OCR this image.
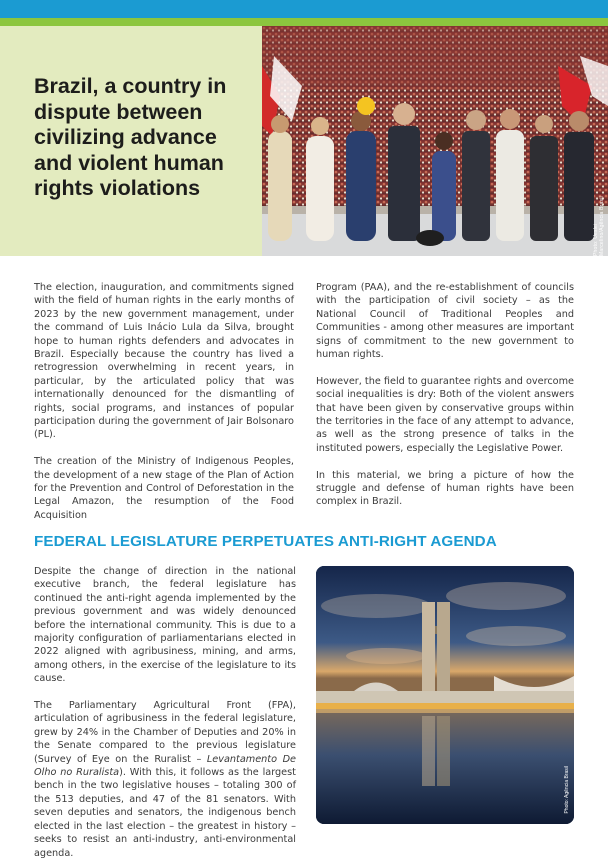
Brazil, a country in dispute between civilizing advance and violent human rights violations
Photo: Ueslei Marcelino/Agência Brasil

The election, inauguration, and commitments signed with the field of human rights in the early months of 2023 by the new government management, under the command of Luis Inácio Lula da Silva, brought hope to human rights defenders and advocates in Brazil. Especially because the country has lived a retrogression overwhelming in recent years, in particular, by the articulated policy that was internationally denounced for the dismantling of rights, social programs, and instances of popular participation during the government of Jair Bolsonaro (PL).

The creation of the Ministry of Indigenous Peoples, the development of a new stage of the Plan of Action for the Prevention and Control of Deforestation in the Legal Amazon, the resumption of the Food Acquisition

Program (PAA), and the re-establishment of councils with the participation of civil society – as the National Council of Traditional Peoples and Communities - among other measures are important signs of commitment to the new government to human rights.

However, the field to guarantee rights and overcome social inequalities is dry: Both of the violent answers that have been given by conservative groups within the territories in the face of any attempt to advance, as well as the strong presence of talks in the instituted powers, especially the Legislative Power.

In this material, we bring a picture of how the struggle and defense of human rights have been complex in Brazil.

FEDERAL LEGISLATURE PERPETUATES ANTI-RIGHT AGENDA

Despite the change of direction in the national executive branch, the federal legislature has continued the anti-right agenda implemented by the previous government and was widely denounced before the international community. This is due to a majority configuration of parliamentarians elected in 2022 aligned with agribusiness, mining, and arms, among others, in the exercise of the legislature to its cause.

The Parliamentary Agricultural Front (FPA), articulation of agribusiness in the federal legislature, grew by 24% in the Chamber of Deputies and 20% in the Senate compared to the previous legislature (Survey of Eye on the Ruralist – Levantamento De Olho no Ruralista). With this, it follows as the largest bench in the two legislative houses – totaling 300 of the 513 deputies, and 47 of the 81 senators. With seven deputies and senators, the indigenous bench elected in the last election – the greatest in history – seeks to resist an anti-industry, anti-environmental agenda.

Photo: Agência Brasil
